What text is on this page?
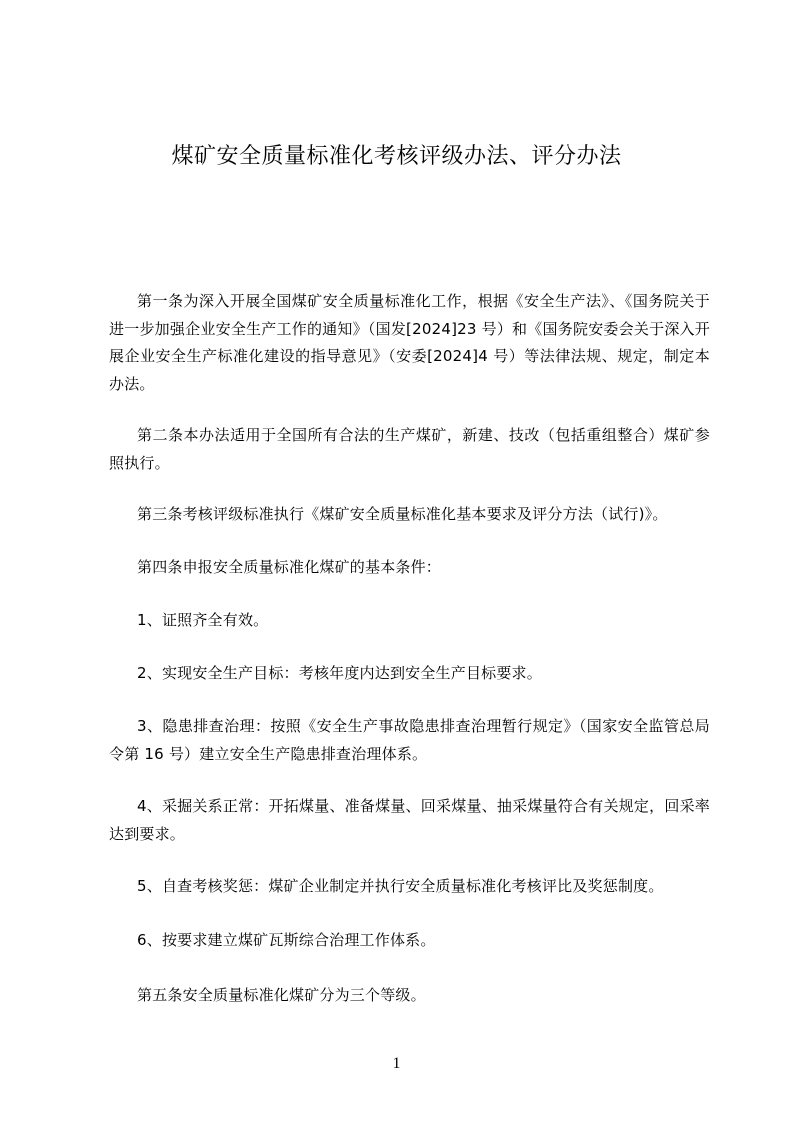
煤矿安全质量标准化考核评级办法、评分办法

第一条为深入开展全国煤矿安全质量标准化工作，根据《安全生产法》、《国务院关于进一步加强企业安全生产工作的通知》（国发[2024]23 号）和《国务院安委会关于深入开展企业安全生产标准化建设的指导意见》（安委[2024]4 号）等法律法规、规定，制定本办法。

第二条本办法适用于全国所有合法的生产煤矿，新建、技改（包括重组整合）煤矿参照执行。

第三条考核评级标准执行《煤矿安全质量标准化基本要求及评分方法（试行)》。

第四条申报安全质量标准化煤矿的基本条件：

1、证照齐全有效。

2、实现安全生产目标：考核年度内达到安全生产目标要求。

3、隐患排查治理：按照《安全生产事故隐患排查治理暂行规定》（国家安全监管总局令第 16 号）建立安全生产隐患排查治理体系。

4、采掘关系正常：开拓煤量、准备煤量、回采煤量、抽采煤量符合有关规定，回采率达到要求。

5、自查考核奖惩：煤矿企业制定并执行安全质量标准化考核评比及奖惩制度。

6、按要求建立煤矿瓦斯综合治理工作体系。

第五条安全质量标准化煤矿分为三个等级。

1
